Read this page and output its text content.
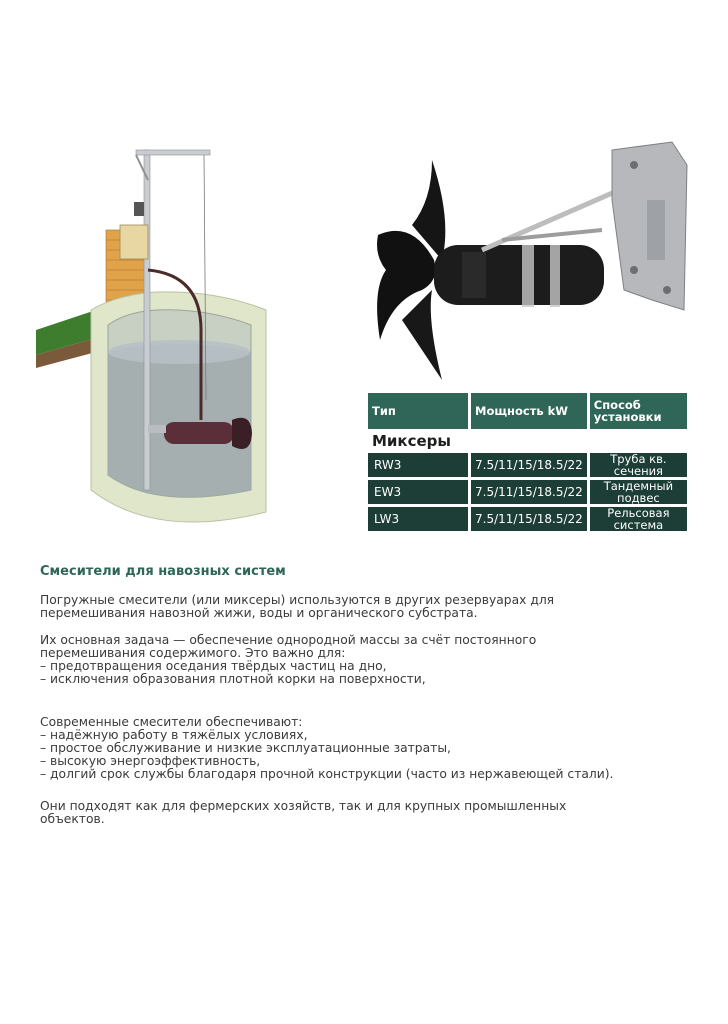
Тип	Мощность kW	Способ установки
Миксеры		
RW3	7.5/11/15/18.5/22	Труба кв.
сечения

EW3	7.5/11/15/18.5/22	Тандемный
подвес

LW3	7.5/11/15/18.5/22	Рельсовая
система
Смесители для навозных систем
Погружные смесители (или миксеры) используются в других резервуарах для
перемешивания навозной жижи, воды и органического субстрата.
Их основная задача — обеспечение однородной массы за счёт постоянного
перемешивания содержимого. Это важно для:
– предотвращения оседания твёрдых частиц на дно,
– исключения образования плотной корки на поверхности,
Современные смесители обеспечивают:
– надёжную работу в тяжёлых условиях,
– простое обслуживание и низкие эксплуатационные затраты,
– высокую энергоэффективность,
– долгий срок службы благодаря прочной конструкции (часто из нержавеющей стали).
Они подходят как для фермерских хозяйств, так и для крупных промышленных
объектов.
